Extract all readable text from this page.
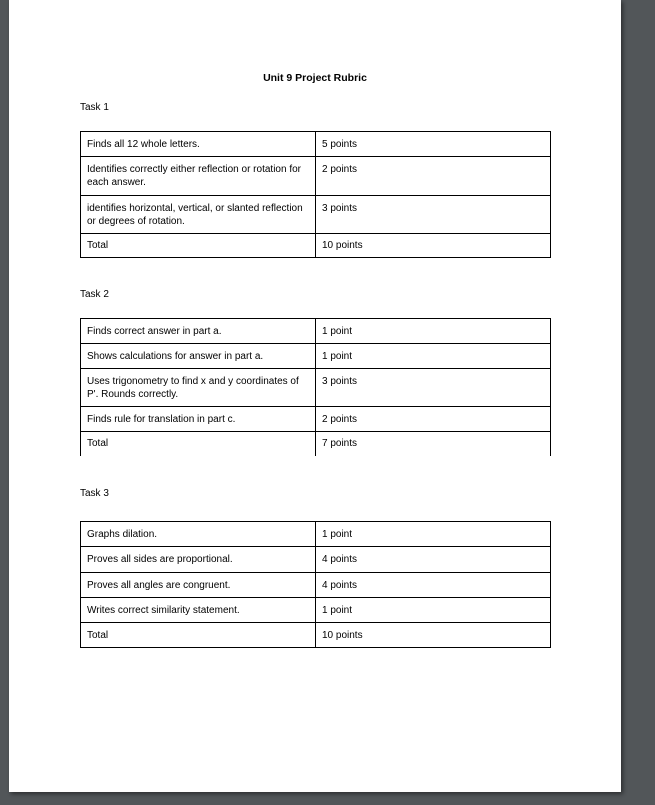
Unit 9 Project Rubric
Task 1
Finds all 12 whole letters.	5 points
Identifies correctly either reflection or rotation for each answer.	2 points
identifies horizontal, vertical, or slanted reflection or degrees of rotation.	3 points
Total	10 points
Task 2
Finds correct answer in part a.	1 point
Shows calculations for answer in part a.	1 point
Uses trigonometry to find x and y coordinates of P'. Rounds correctly.	3 points
Finds rule for translation in part c.	2 points
Total	7 points
Task 3
Graphs dilation.	1 point
Proves all sides are proportional.	4 points
Proves all angles are congruent.	4 points
Writes correct similarity statement.	1 point
Total	10 points
